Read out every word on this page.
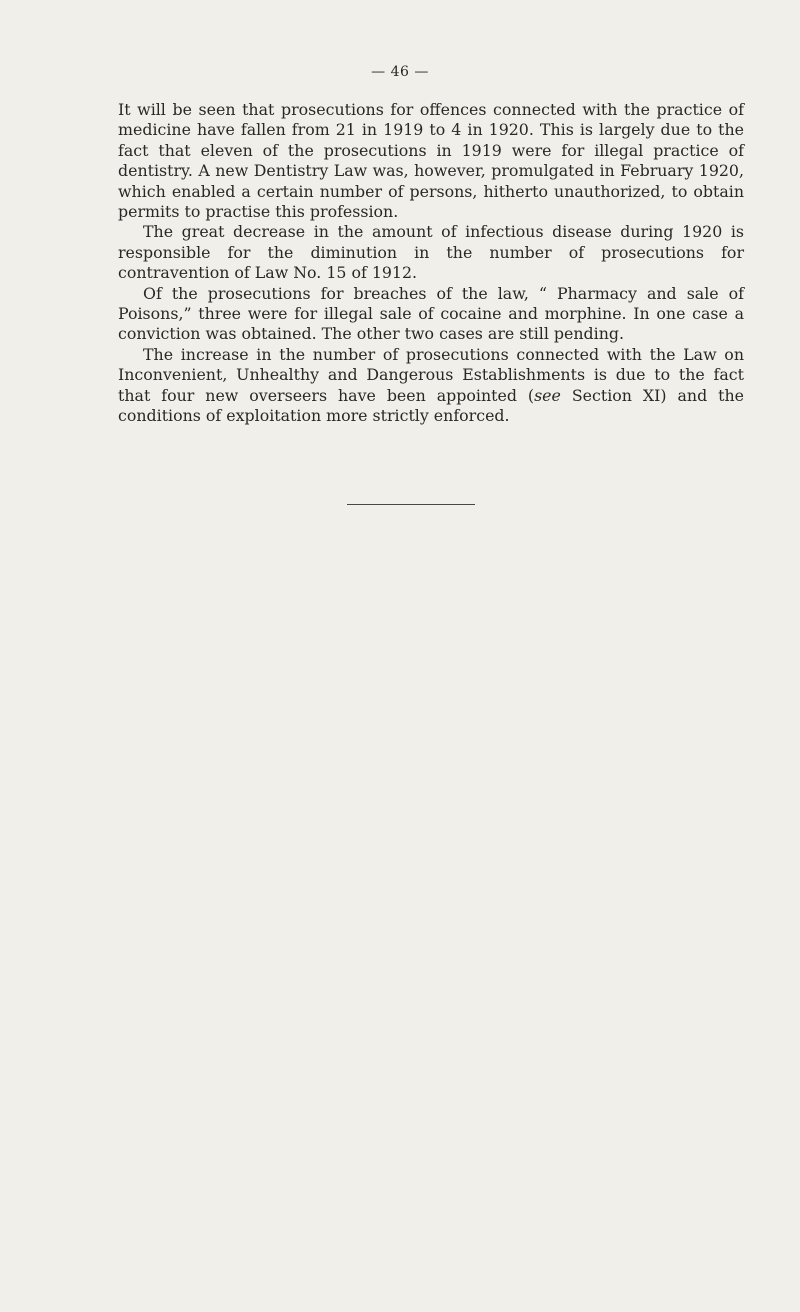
— 46 —

It will be seen that prosecutions for offences connected with the practice of medicine have fallen from 21 in 1919 to 4 in 1920. This is largely due to the fact that eleven of the prosecutions in 1919 were for illegal practice of dentistry. A new Dentistry Law was, however, promulgated in February 1920, which enabled a certain number of persons, hitherto unauthorized, to obtain permits to practise this profession.

The great decrease in the amount of infectious disease during 1920 is responsible for the diminution in the number of prosecutions for contravention of Law No. 15 of 1912.

Of the prosecutions for breaches of the law, “ Pharmacy and sale of Poisons,” three were for illegal sale of cocaine and morphine. In one case a conviction was obtained. The other two cases are still pending.

The increase in the number of prosecutions connected with the Law on Inconvenient, Unhealthy and Dangerous Establishments is due to the fact that four new overseers have been appointed (see Section XI) and the conditions of exploitation more strictly enforced.
